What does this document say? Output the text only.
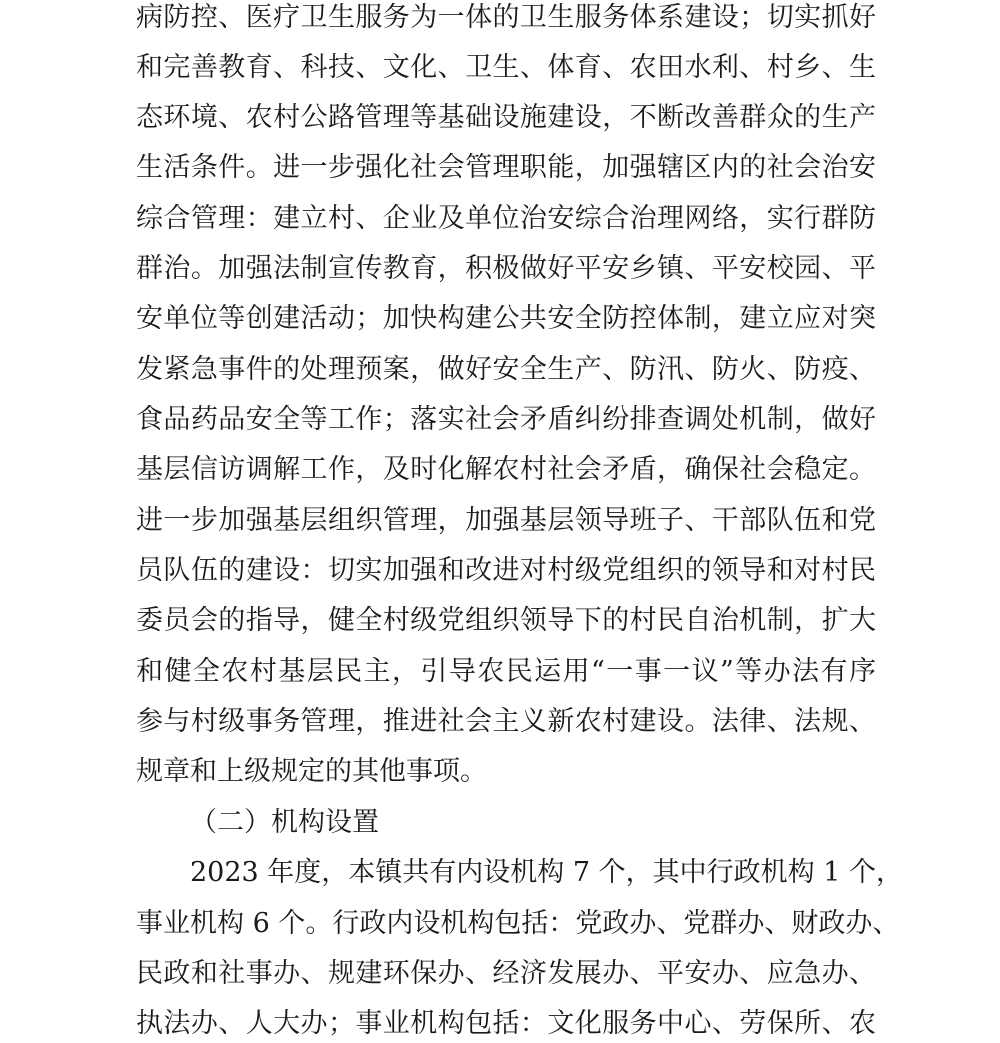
病防控、医疗卫生服务为一体的卫生服务体系建设；切实抓好

和完善教育、科技、文化、卫生、体育、农田水利、村乡、生

态环境、农村公路管理等基础设施建设，不断改善群众的生产

生活条件。进一步强化社会管理职能，加强辖区内的社会治安

综合管理：建立村、企业及单位治安综合治理网络，实行群防

群治。加强法制宣传教育，积极做好平安乡镇、平安校园、平

安单位等创建活动；加快构建公共安全防控体制，建立应对突

发紧急事件的处理预案，做好安全生产、防汛、防火、防疫、

食品药品安全等工作；落实社会矛盾纠纷排查调处机制，做好

基层信访调解工作，及时化解农村社会矛盾，确保社会稳定。

进一步加强基层组织管理，加强基层领导班子、干部队伍和党

员队伍的建设：切实加强和改进对村级党组织的领导和对村民

委员会的指导，健全村级党组织领导下的村民自治机制，扩大

和健全农村基层民主，引导农民运用“一事一议”等办法有序

参与村级事务管理，推进社会主义新农村建设。法律、法规、

规章和上级规定的其他事项。

（二）机构设置

2023 年度，本镇共有内设机构 7 个，其中行政机构 1 个，

事业机构 6 个。行政内设机构包括：党政办、党群办、财政办、

民政和社事办、规建环保办、经济发展办、平安办、应急办、

执法办、人大办；事业机构包括：文化服务中心、劳保所、农
